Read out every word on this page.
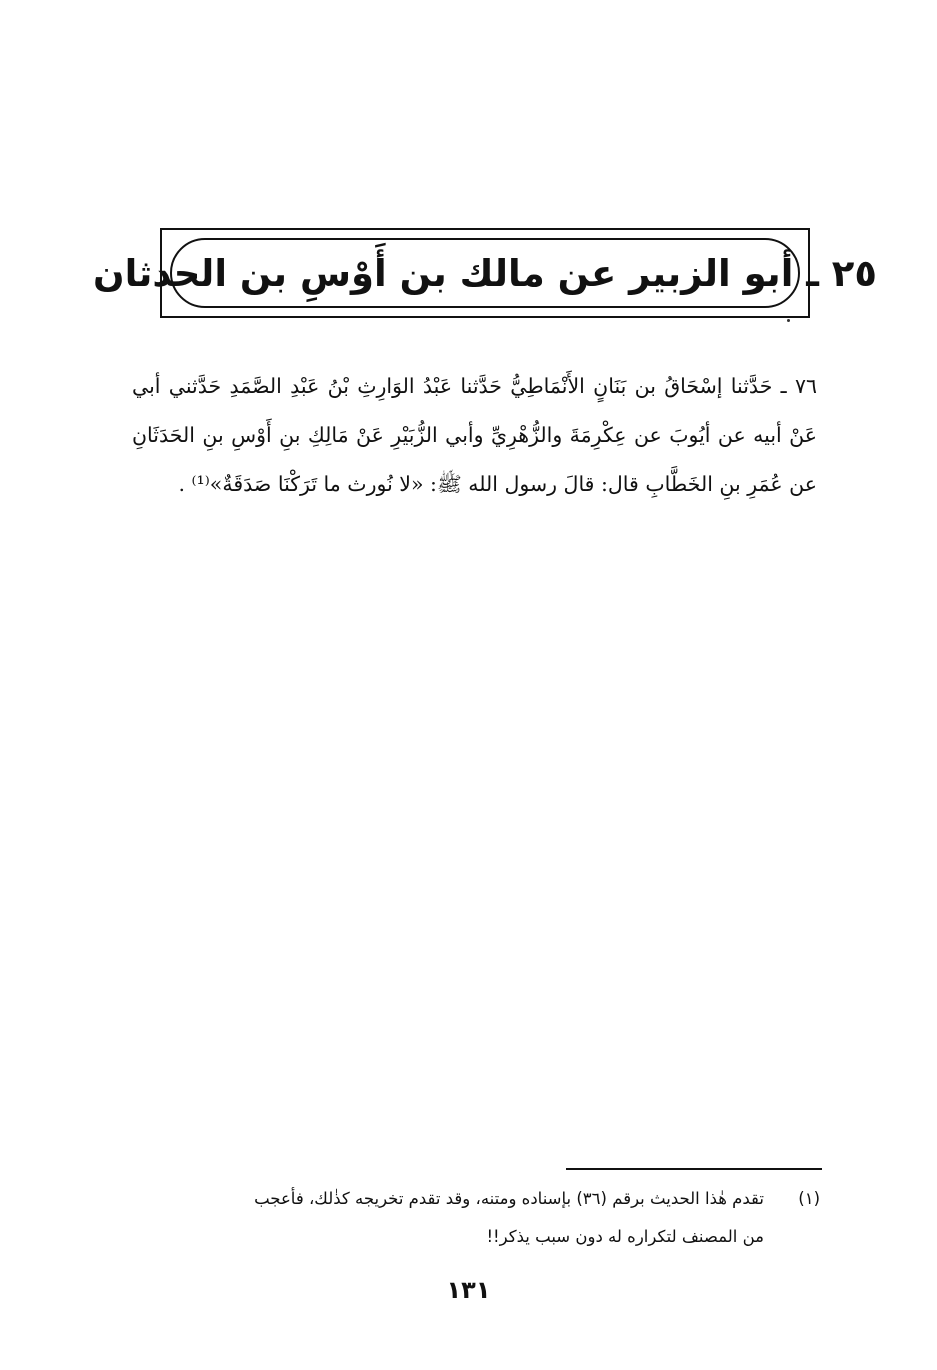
٢٥ ـ أبو الزبير عن مالك بن أَوْسِ بن الحدثان
٧٦ ـ حَدَّثنا إسْحَاقُ بن بَنَانٍ الأَنْمَاطِيُّ حَدَّثنا عَبْدُ الوَارِثِ بْنُ عَبْدِ الصَّمَدِ حَدَّثني أبي عَنْ أبيه عن أيُوبَ عن عِكْرِمَةَ والزُّهْرِيِّ وأبي الزُّبَيْرِ عَنْ مَالِكِ بنِ أَوْسِ بنِ الحَدَثَانِ عن عُمَرِ بنِ الخَطَّابِ قال: قالَ رسول الله ﷺ: «لا نُورث ما تَرَكْنَا صَدَقَةٌ»⁽¹⁾ .
(١)تقدم هٰذا الحديث برقم (٣٦) بإسناده ومتنه، وقد تقدم تخريجه كذٰلك، فأعجب
من المصنف لتكراره له دون سبب يذكر!!
١٣١
